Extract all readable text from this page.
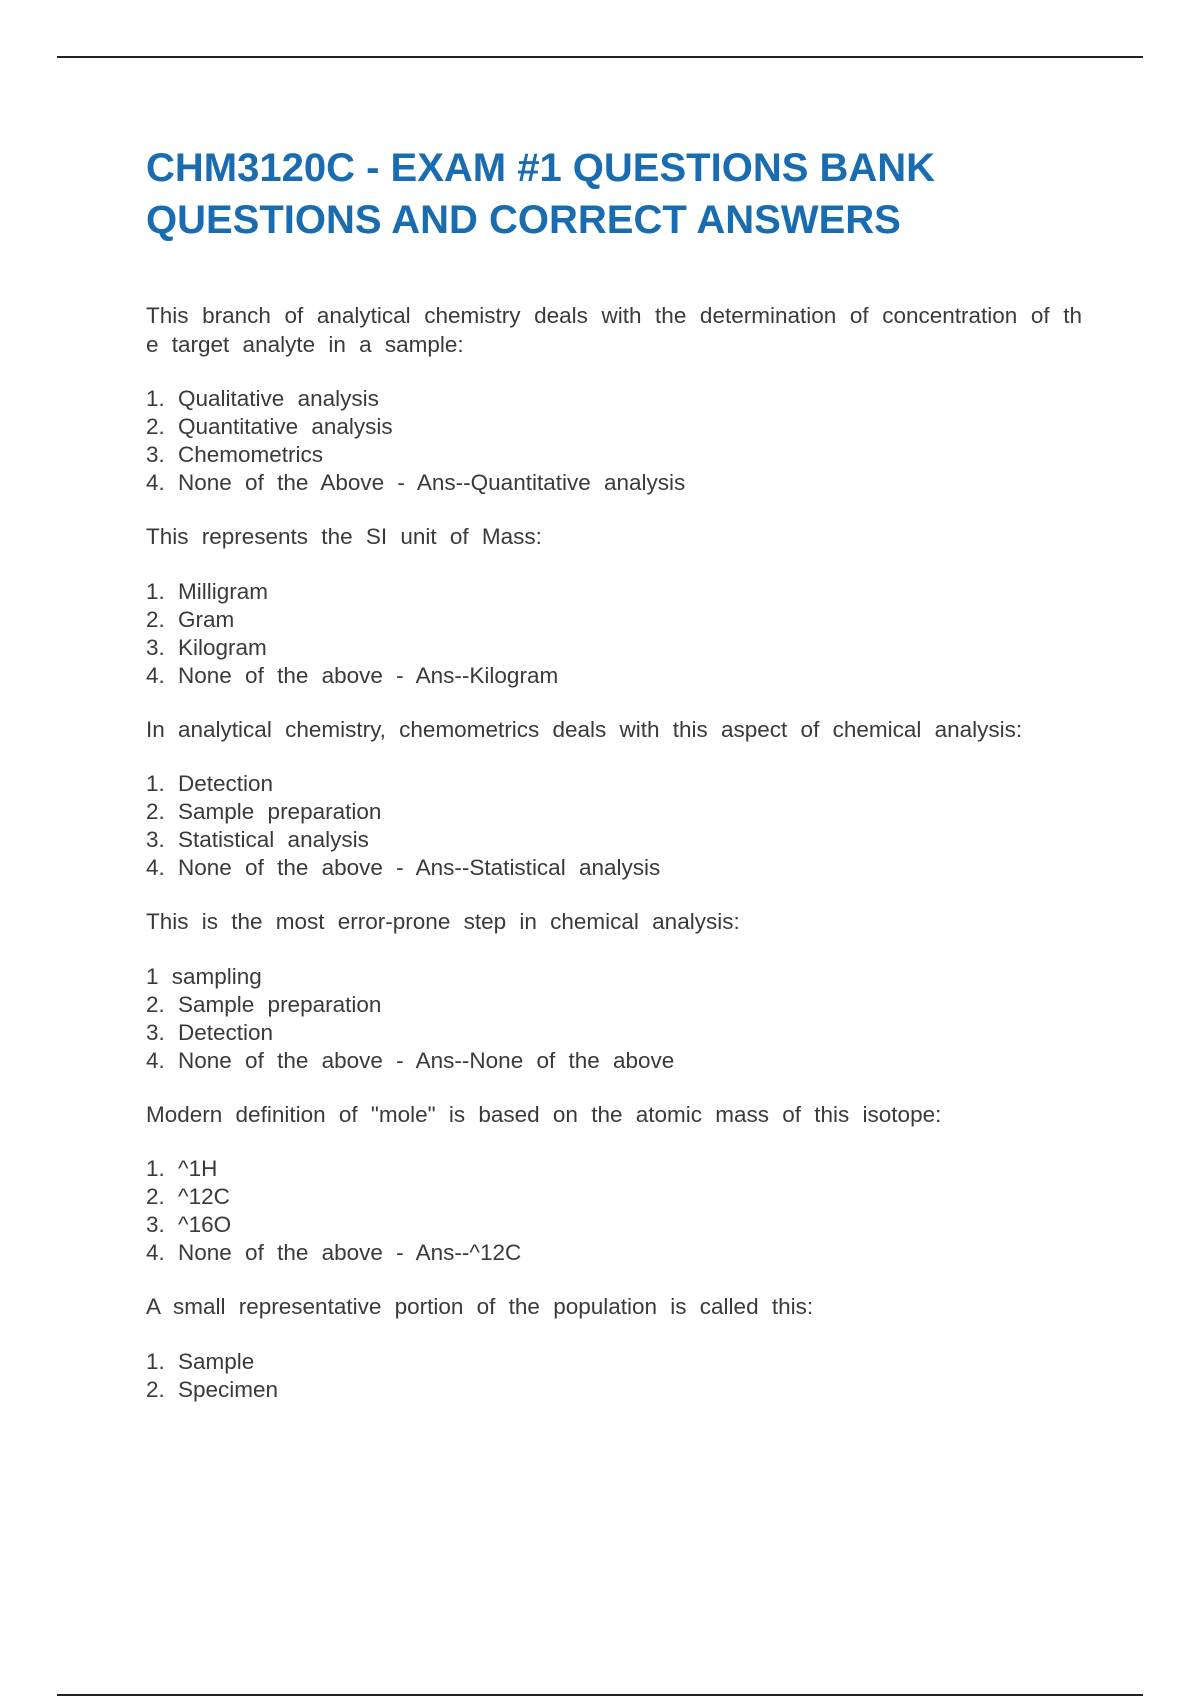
CHM3120C - EXAM #1 QUESTIONS BANK QUESTIONS AND CORRECT ANSWERS

This branch of analytical chemistry deals with the determination of concentration of the target analyte in a sample:

1. Qualitative analysis
2. Quantitative analysis
3. Chemometrics
4. None of the Above - Ans--Quantitative analysis

This represents the SI unit of Mass:

1. Milligram
2. Gram
3. Kilogram
4. None of the above - Ans--Kilogram

In analytical chemistry, chemometrics deals with this aspect of chemical analysis:

1. Detection
2. Sample preparation
3. Statistical analysis
4. None of the above - Ans--Statistical analysis

This is the most error-prone step in chemical analysis:

1 sampling
2. Sample preparation
3. Detection
4. None of the above - Ans--None of the above

Modern definition of "mole" is based on the atomic mass of this isotope:

1. ^1H
2. ^12C
3. ^16O
4. None of the above - Ans--^12C

A small representative portion of the population is called this:

1. Sample
2. Specimen
